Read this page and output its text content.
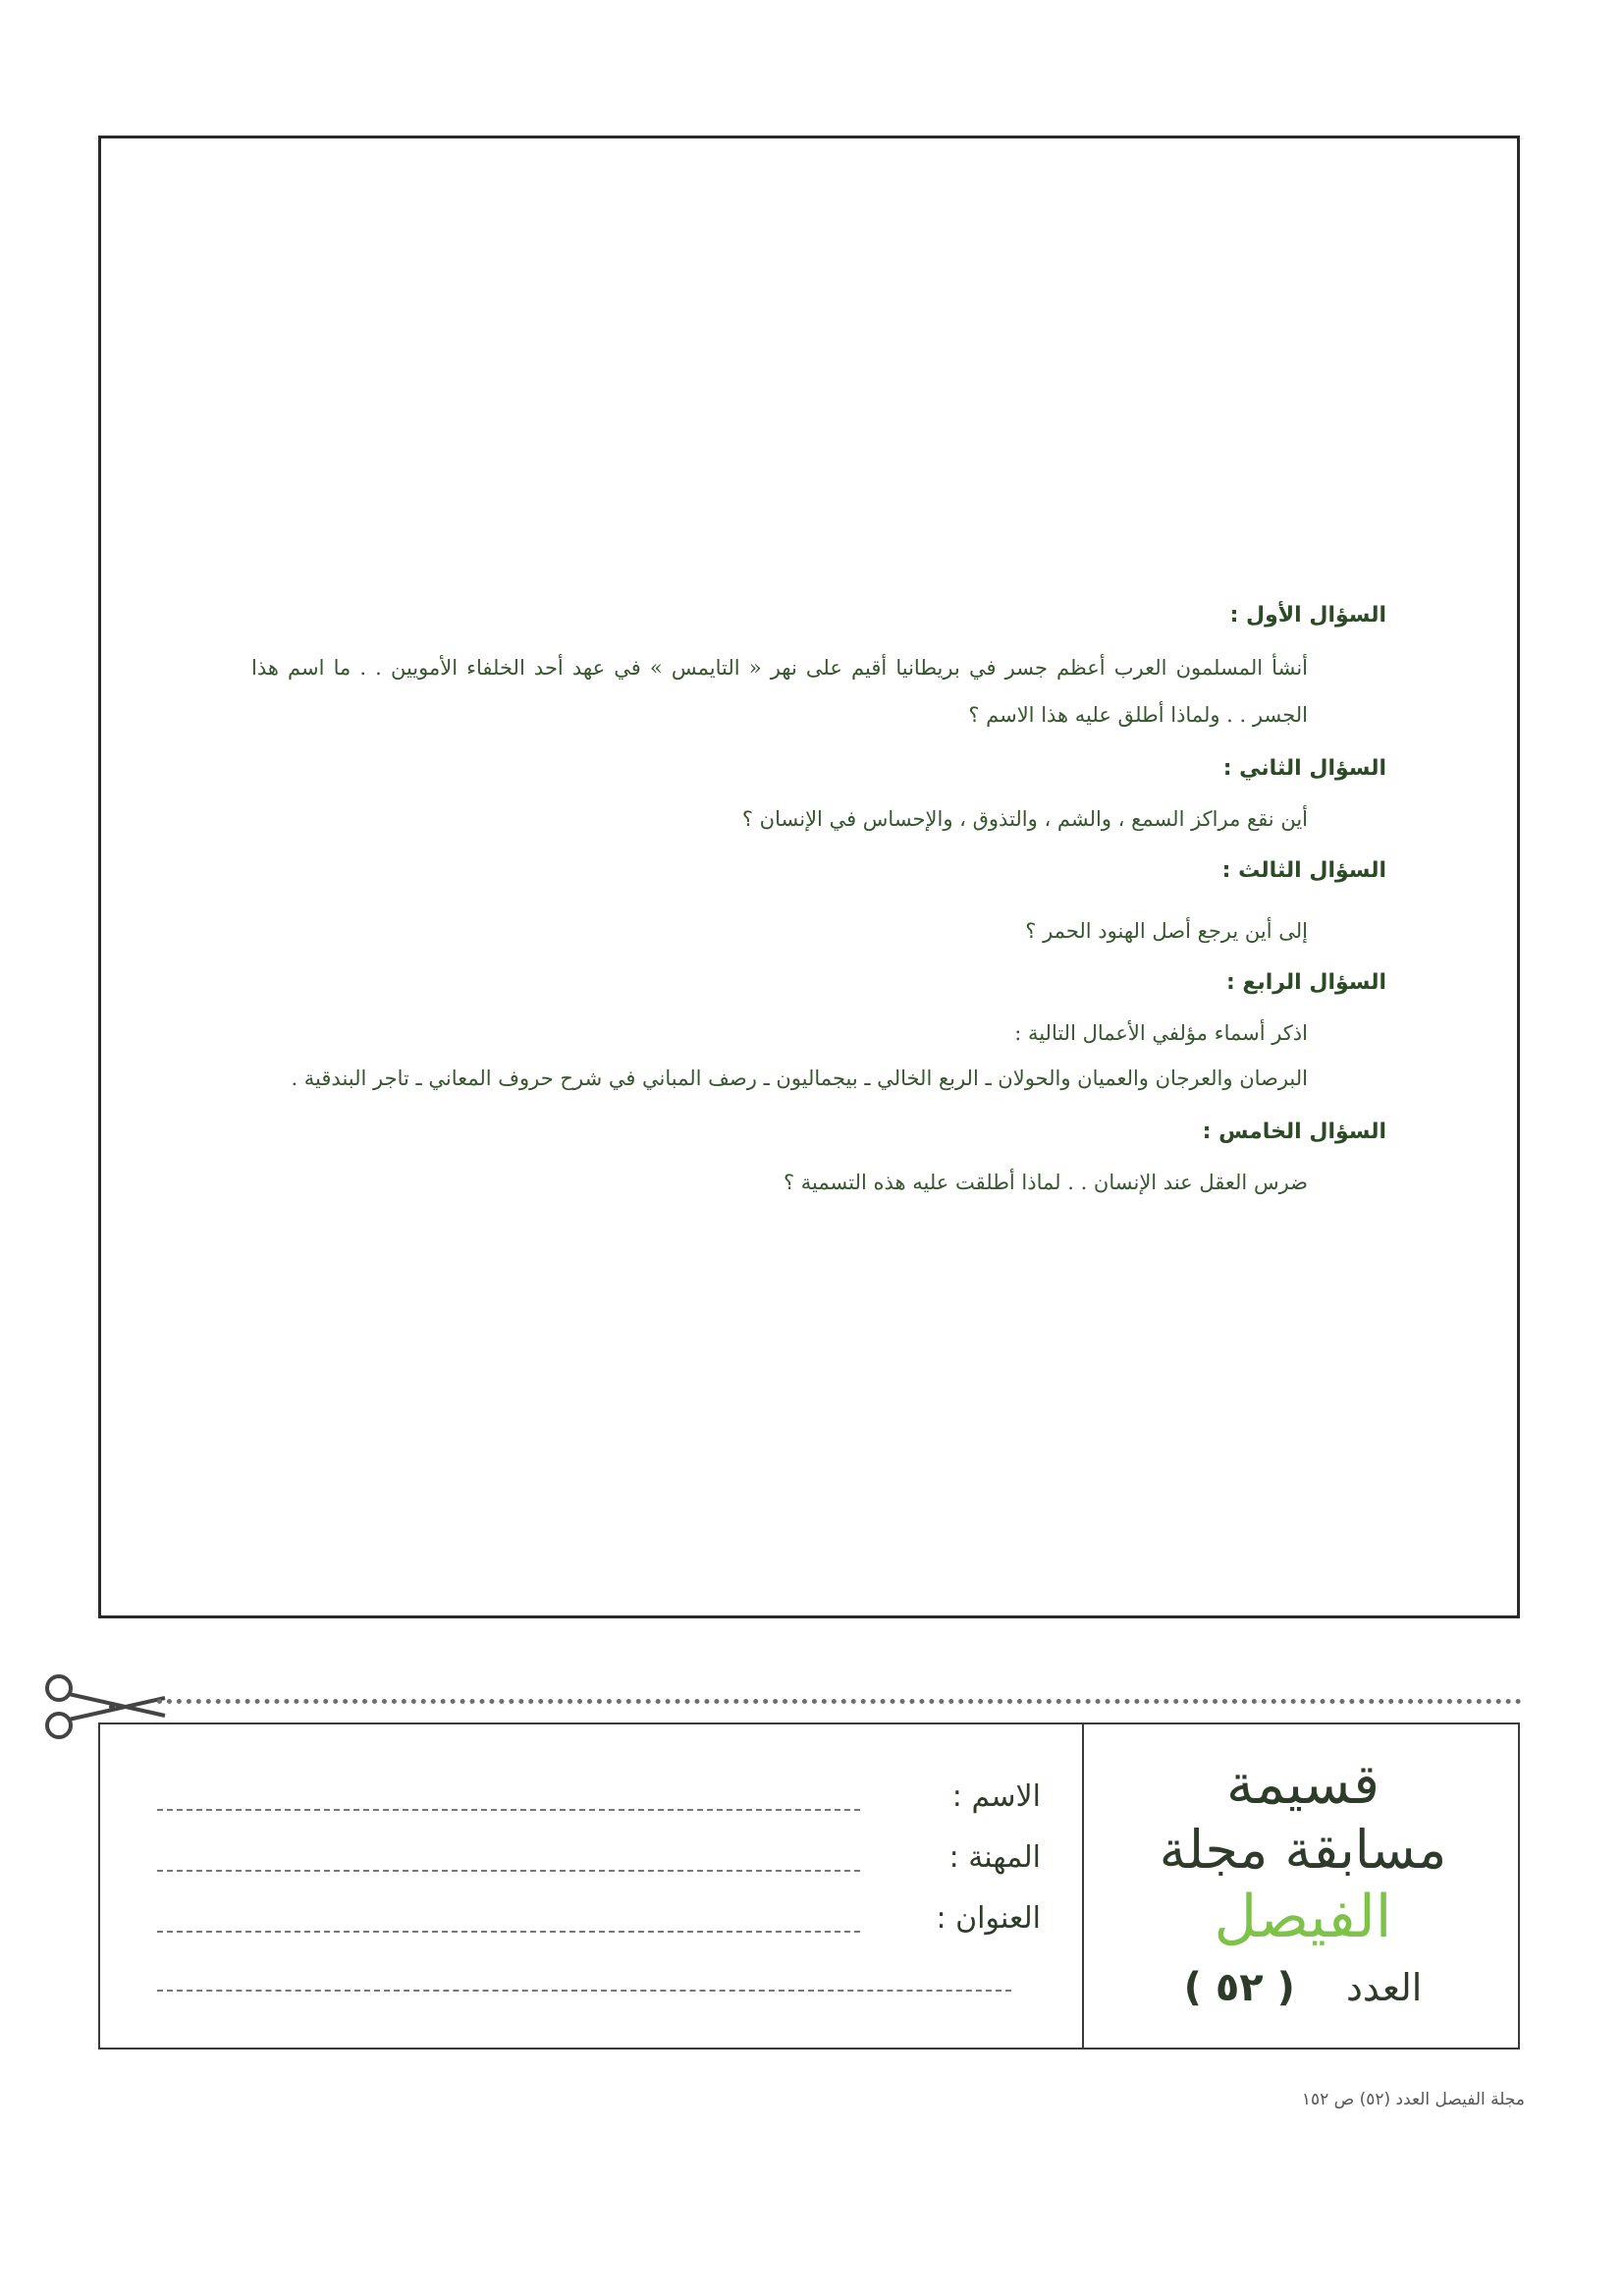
السؤال الأول :

أنشأ المسلمون العرب أعظم جسر في بريطانيا أقيم على نهر « التايمس » في عهد أحد الخلفاء الأمويين . . ما اسم هذا الجسر . . ولماذا أطلق عليه هذا الاسم ؟

السؤال الثاني :

أين نقع مراكز السمع ، والشم ، والتذوق ، والإحساس في الإنسان ؟

السؤال الثالث :

إلى أين يرجع أصل الهنود الحمر ؟

السؤال الرابع :

اذكر أسماء مؤلفي الأعمال التالية :

البرصان والعرجان والعميان والحولان ـ الربع الخالي ـ بيجماليون ـ رصف المباني في شرح حروف المعاني ـ تاجر البندقية .

السؤال الخامس :

ضرس العقل عند الإنسان . . لماذا أطلقت عليه هذه التسمية ؟

قسيمة
مسابقة مجلة
الفيصل
العدد ( ٥٢ )
الاسم :
المهنة :
العنوان :
مجلة الفيصل العدد (٥٢) ص ١٥٢
